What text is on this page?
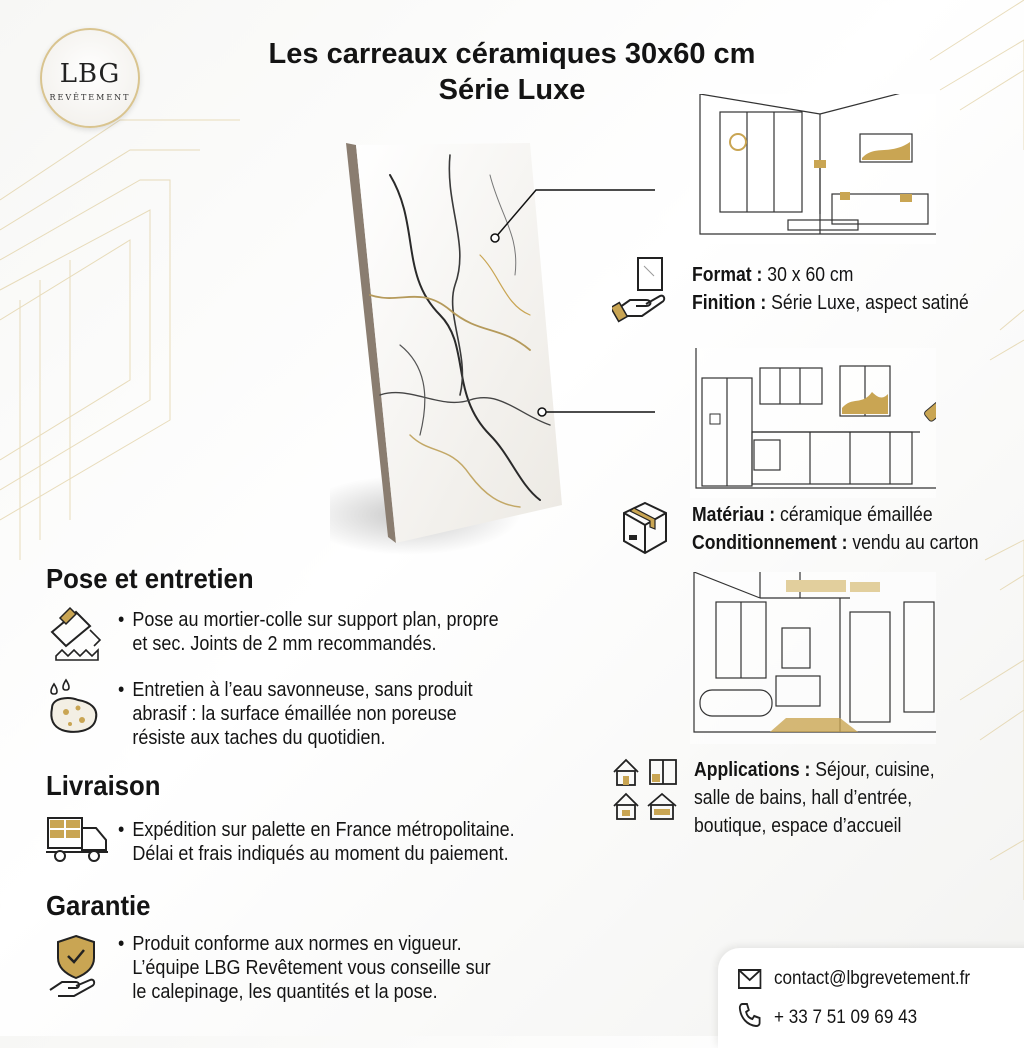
LBG
REVÊTEMENT
Les carreaux céramiques 30x60 cm
Série Luxe
Format : 30 x 60 cm
Finition : Série Luxe, aspect satiné
Matériau : céramique émaillée
Conditionnement : vendu au carton
Applications : Séjour, cuisine,
salle de bains, hall d’entrée,
boutique, espace d’accueil
Pose et entretien
• Pose au mortier-colle sur support plan, propre
et sec. Joints de 2 mm recommandés.
• Entretien à l’eau savonneuse, sans produit
abrasif : la surface émaillée non poreuse
résiste aux taches du quotidien.
Livraison
• Expédition sur palette en France métropolitaine.
Délai et frais indiqués au moment du paiement.
Garantie
• Produit conforme aux normes en vigueur.
L’équipe LBG Revêtement vous conseille sur
le calepinage, les quantités et la pose.
contact@lbgrevetement.fr
+ 33 7 51 09 69 43
